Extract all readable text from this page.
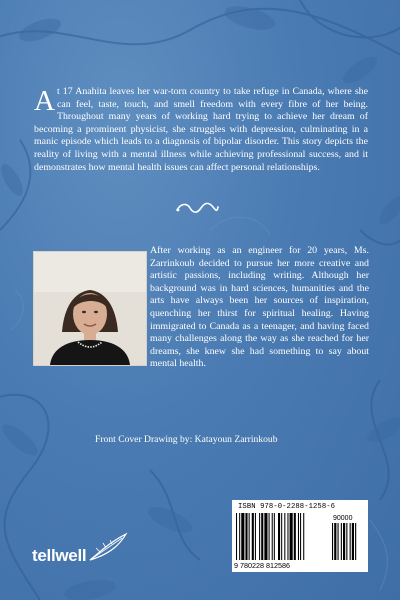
At 17 Anahita leaves her war-torn country to take refuge in Canada, where she can feel, taste, touch, and smell freedom with every fibre of her being. Throughout many years of working hard trying to achieve her dream of becoming a prominent physicist, she struggles with depression, culminating in a manic episode which leads to a diagnosis of bipolar disorder. This story depicts the reality of living with a mental illness while achieving professional success, and it demonstrates how mental health issues can affect personal relationships.
After working as an engineer for 20 years, Ms. Zarrinkoub decided to pursue her more creative and artistic passions, including writing. Although her background was in hard sciences, humanities and the arts have always been her sources of inspiration, quenching her thirst for spiritual healing. Having immigrated to Canada as a teenager, and having faced many challenges along the way as she reached for her dreams, she knew she had something to say about mental health.
Front Cover Drawing by: Katayoun Zarrinkoub
tellwell
ISBN 978-0-2288-1258-6
90000
9 780228 812586
